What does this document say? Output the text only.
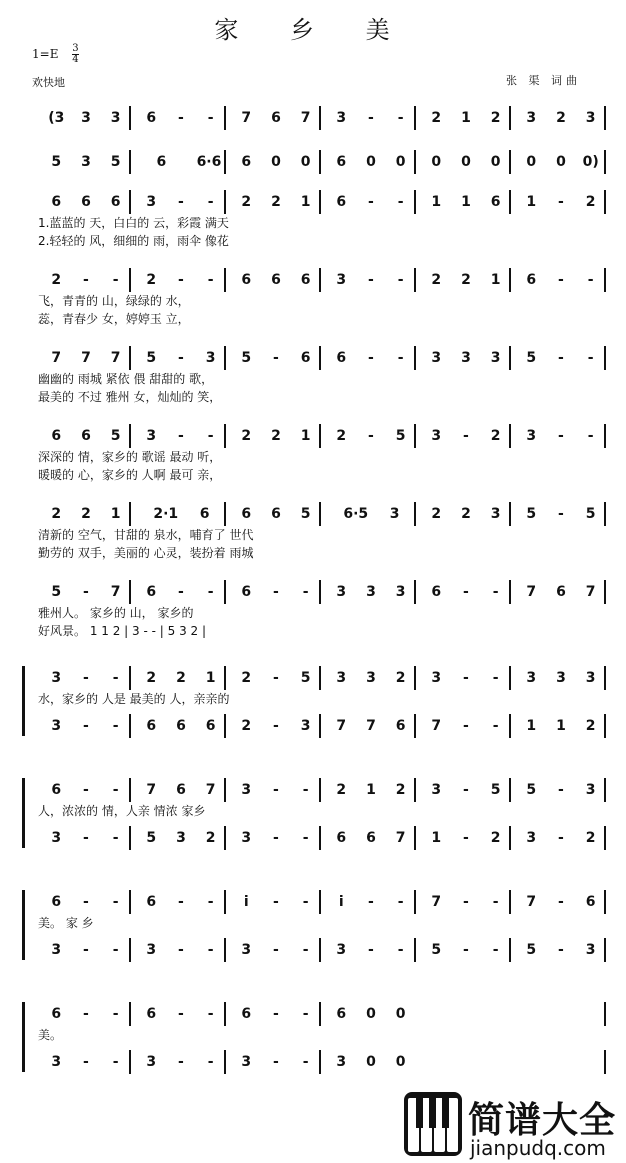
家 乡 美
$1=E \frac{3}{4}$
欢快地	张 渠 词曲
(3 3 3 6	-	-	7 6 7 3	-	-	2 1 2 3 2 3
5 3 5	6 6·6 6 0 0 6 0 0 0 0 0 0 0 0)
6 6 6 3	-	-	2 2 1 6	-	-	1 1 6 1	-	2
1.蓝蓝的 天，白白的 云，彩霞 满天
2.轻轻的 风，细细的 雨，雨伞 像花
2	-	-	2	-	-	6 6 6 3	-	-	2 2 1 6	-	-
飞，青青的 山，绿绿的 水，
蕊，青春少 女，婷婷玉 立，
7 7 7 5	-	3 5	-	6 6	-	-	3 3 3 5	-	-
幽幽的 雨城 紧依 偎 甜甜的 歌，
最美的 不过 雅州 女，灿灿的 笑，
6 6 5 3	-	-	2 2 1 2	-	5 3	-	2 3	-	-
深深的 情，家乡的 歌谣 最动 听，
暖暖的 心，家乡的 人啊 最可 亲，
2 2 1 2·1 6 6 6 5 6·5 3 2 2 3 5	-	5
清新的 空气，甘甜的 泉水，哺育了 世代
勤劳的 双手，美丽的 心灵，装扮着 雨城
5	-	7 6	-	-	6	-	-	3 3 3 6	-	-	7 6 7
雅州人。 家乡的 山， 家乡的
好风景。 1 1 2 | 3 - - | 5 3 2 |
3	-	-	2 2 1 2	-	5 3 3 2 3	-	-	3 3 3
水，家乡的 人是 最美的 人，亲亲的
3	-	-	6 6 6 2	-	3 7 7 6 7	-	-	1 1 2
6	-	-	7 6 7 3	-	-	2 1 2 3	-	5 5	-	3
人，浓浓的 情，人亲 情浓 家乡
3	-	-	5 3 2 3	-	-	6 6 7 1	-	2 3	-	2
6	-	-	6	-	-	i	-	-	i	-	-	7	-	-	7	-	6
美。 家 乡
3	-	-	3	-	-	3	-	-	3	-	-	5	-	-	5	-	3
6	-	-	6	-	-	6	-	-	6 0 0
美。
3	-	-	3	-	-	3	-	-	3 0 0
简谱大全
jianpudq.com
